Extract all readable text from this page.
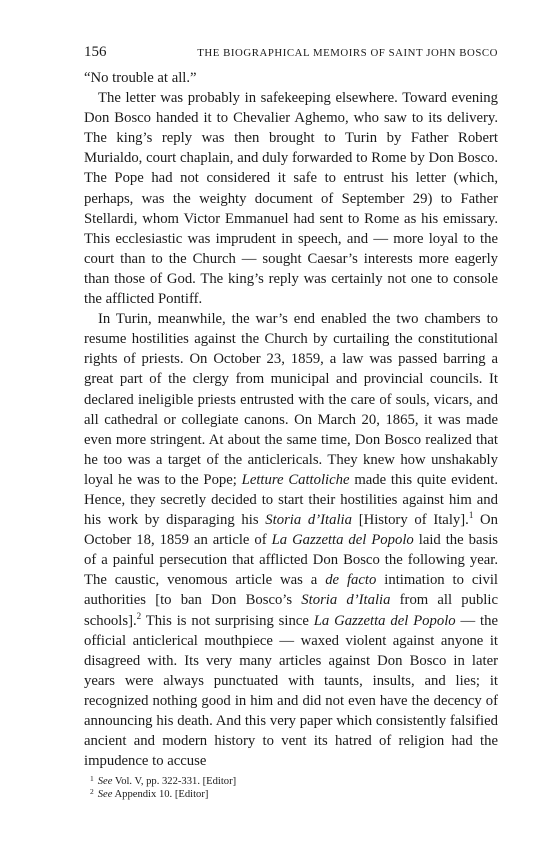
156	THE BIOGRAPHICAL MEMOIRS OF SAINT JOHN BOSCO

“No trouble at all.”

The letter was probably in safekeeping elsewhere. Toward evening Don Bosco handed it to Chevalier Aghemo, who saw to its delivery. The king’s reply was then brought to Turin by Father Robert Murialdo, court chaplain, and duly forwarded to Rome by Don Bosco. The Pope had not considered it safe to entrust his letter (which, perhaps, was the weighty document of September 29) to Father Stellardi, whom Victor Emmanuel had sent to Rome as his emissary. This ecclesiastic was imprudent in speech, and — more loyal to the court than to the Church — sought Caesar’s interests more eagerly than those of God. The king’s reply was certainly not one to console the afflicted Pontiff.

In Turin, meanwhile, the war’s end enabled the two chambers to resume hostilities against the Church by curtailing the constitutional rights of priests. On October 23, 1859, a law was passed barring a great part of the clergy from municipal and provincial councils. It declared ineligible priests entrusted with the care of souls, vicars, and all cathedral or collegiate canons. On March 20, 1865, it was made even more stringent. At about the same time, Don Bosco realized that he too was a target of the anticlericals. They knew how unshakably loyal he was to the Pope; Letture Cattoliche made this quite evident. Hence, they secretly decided to start their hostilities against him and his work by disparaging his Storia d’Italia [History of Italy].$^1$ On October 18, 1859 an article of La Gazzetta del Popolo laid the basis of a painful persecution that afflicted Don Bosco the following year. The caustic, venomous article was a de facto intimation to civil authorities [to ban Don Bosco’s Storia d’Italia from all public schools].$^2$ This is not surprising since La Gazzetta del Popolo — the official anticlerical mouthpiece — waxed violent against anyone it disagreed with. Its very many articles against Don Bosco in later years were always punctuated with taunts, insults, and lies; it recognized nothing good in him and did not even have the decency of announcing his death. And this very paper which consistently falsified ancient and modern history to vent its hatred of religion had the impudence to accuse

1 See Vol. V, pp. 322-331. [Editor]
2 See Appendix 10. [Editor]
